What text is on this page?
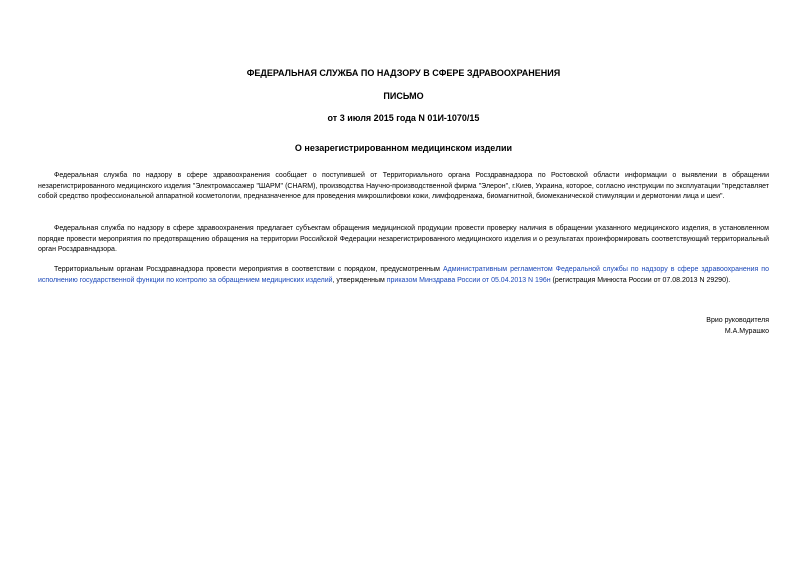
ФЕДЕРАЛЬНАЯ СЛУЖБА ПО НАДЗОРУ В СФЕРЕ ЗДРАВООХРАНЕНИЯ
ПИСЬМО
от 3 июля 2015 года N 01И-1070/15
О незарегистрированном медицинском изделии
Федеральная служба по надзору в сфере здравоохранения сообщает о поступившей от Территориального органа Росздравнадзора по Ростовской области информации о выявлении в обращении незарегистрированного медицинского изделия "Электромассажер "ШАРМ" (CHARM), производства Научно-производственной фирма "Элерон", г.Киев, Украина, которое, согласно инструкции по эксплуатации "представляет собой средство профессиональной аппаратной косметологии, предназначенное для проведения микрошлифовки кожи, лимфодренажа, биомагнитной, биомеханической стимуляции и дермотонии лица и шеи".
Федеральная служба по надзору в сфере здравоохранения предлагает субъектам обращения медицинской продукции провести проверку наличия в обращении указанного медицинского изделия, в установленном порядке провести мероприятия по предотвращению обращения на территории Российской Федерации незарегистрированного медицинского изделия и о результатах проинформировать соответствующий территориальный орган Росздравнадзора.
Территориальным органам Росздравнадзора провести мероприятия в соответствии с порядком, предусмотренным Административным регламентом Федеральной службы по надзору в сфере здравоохранения по исполнению государственной функции по контролю за обращением медицинских изделий, утвержденным приказом Минздрава России от 05.04.2013 N 196н (регистрация Минюста России от 07.08.2013 N 29290).
Врио руководителя
М.А.Мурашко
